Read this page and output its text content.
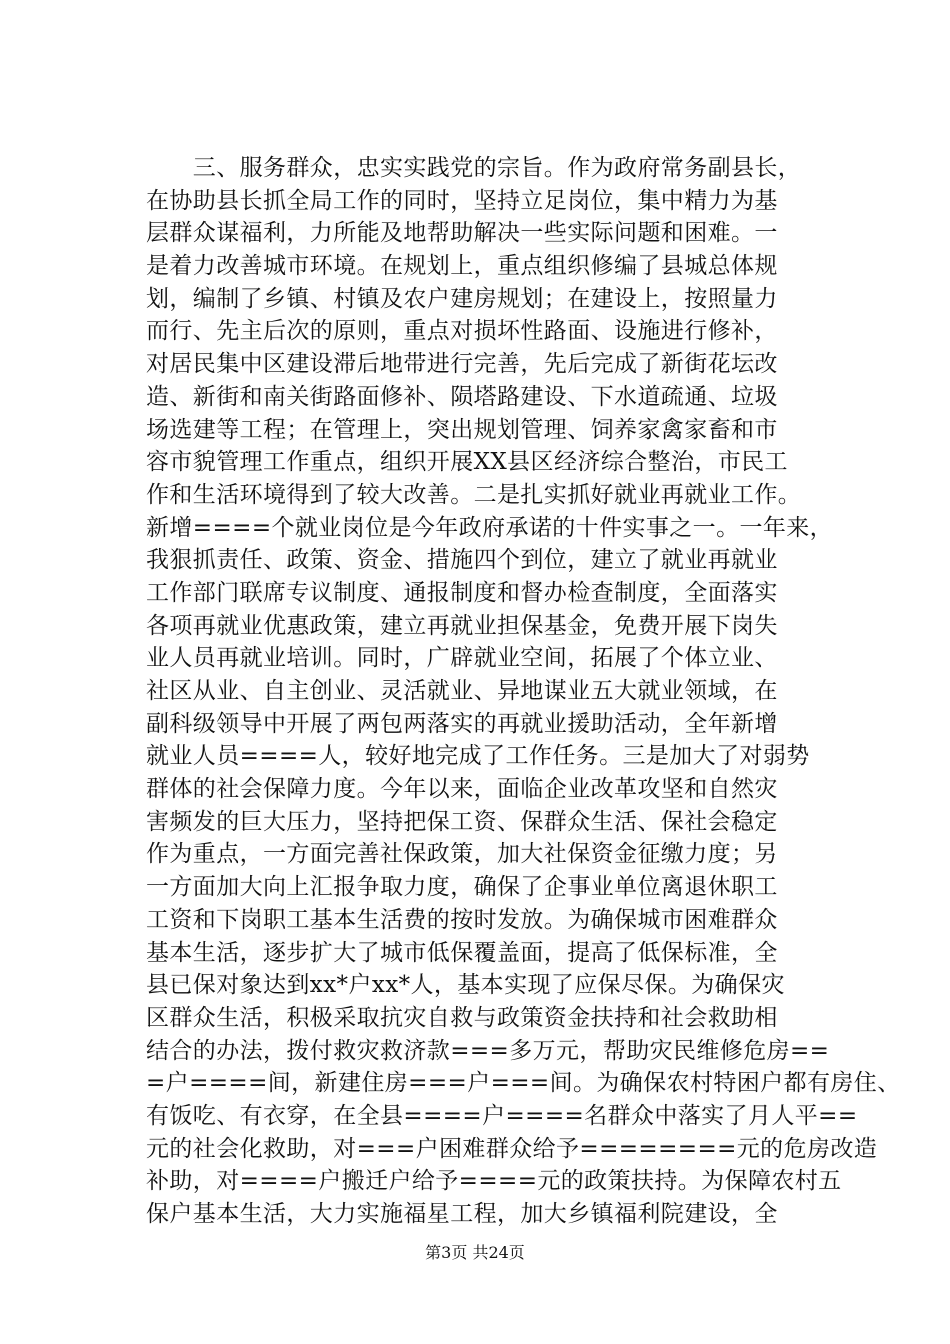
　　三、服务群众，忠实实践党的宗旨。作为政府常务副县长，
在协助县长抓全局工作的同时，坚持立足岗位，集中精力为基
层群众谋福利，力所能及地帮助解决一些实际问题和困难。一
是着力改善城市环境。在规划上，重点组织修编了县城总体规
划，编制了乡镇、村镇及农户建房规划；在建设上，按照量力
而行、先主后次的原则，重点对损坏性路面、设施进行修补，
对居民集中区建设滞后地带进行完善，先后完成了新街花坛改
造、新街和南关街路面修补、陨塔路建设、下水道疏通、垃圾
场选建等工程；在管理上，突出规划管理、饲养家禽家畜和市
容市貌管理工作重点，组织开展XX县区经济综合整治，市民工
作和生活环境得到了较大改善。二是扎实抓好就业再就业工作。
新增====个就业岗位是今年政府承诺的十件实事之一。一年来，
我狠抓责任、政策、资金、措施四个到位，建立了就业再就业
工作部门联席专议制度、通报制度和督办检查制度，全面落实
各项再就业优惠政策，建立再就业担保基金，免费开展下岗失
业人员再就业培训。同时，广辟就业空间，拓展了个体立业、
社区从业、自主创业、灵活就业、异地谋业五大就业领域，在
副科级领导中开展了两包两落实的再就业援助活动，全年新增
就业人员====人，较好地完成了工作任务。三是加大了对弱势
群体的社会保障力度。今年以来，面临企业改革攻坚和自然灾
害频发的巨大压力，坚持把保工资、保群众生活、保社会稳定
作为重点，一方面完善社保政策，加大社保资金征缴力度；另
一方面加大向上汇报争取力度，确保了企事业单位离退休职工
工资和下岗职工基本生活费的按时发放。为确保城市困难群众
基本生活，逐步扩大了城市低保覆盖面，提高了低保标准，全
县已保对象达到xx*户xx*人，基本实现了应保尽保。为确保灾
区群众生活，积极采取抗灾自救与政策资金扶持和社会救助相
结合的办法，拨付救灾救济款===多万元，帮助灾民维修危房==
=户====间，新建住房===户===间。为确保农村特困户都有房住、
有饭吃、有衣穿，在全县====户====名群众中落实了月人平==
元的社会化救助，对===户困难群众给予========元的危房改造
补助，对====户搬迁户给予====元的政策扶持。为保障农村五
保户基本生活，大力实施福星工程，加大乡镇福利院建设，全
第3页 共24页
